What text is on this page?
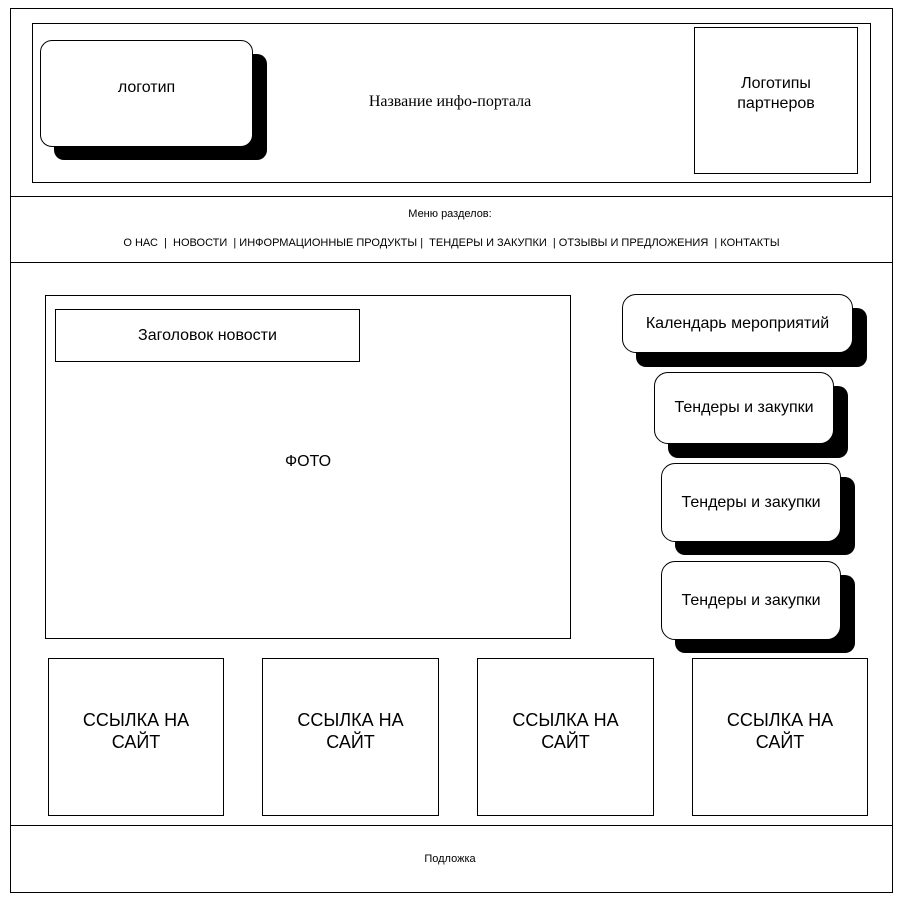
логотип
Название инфо-портала
Логотипы партнеров
Меню разделов:
О НАС  |  НОВОСТИ  | ИНФОРМАЦИОННЫЕ ПРОДУКТЫ |  ТЕНДЕРЫ И ЗАКУПКИ  | ОТЗЫВЫ И ПРЕДЛОЖЕНИЯ  | КОНТАКТЫ
ФОТО
Заголовок новости
Календарь мероприятий
Тендеры и закупки
Тендеры и закупки
Тендеры и закупки
ССЫЛКА НА САЙТ
ССЫЛКА НА САЙТ
ССЫЛКА НА САЙТ
ССЫЛКА НА САЙТ
Подложка
